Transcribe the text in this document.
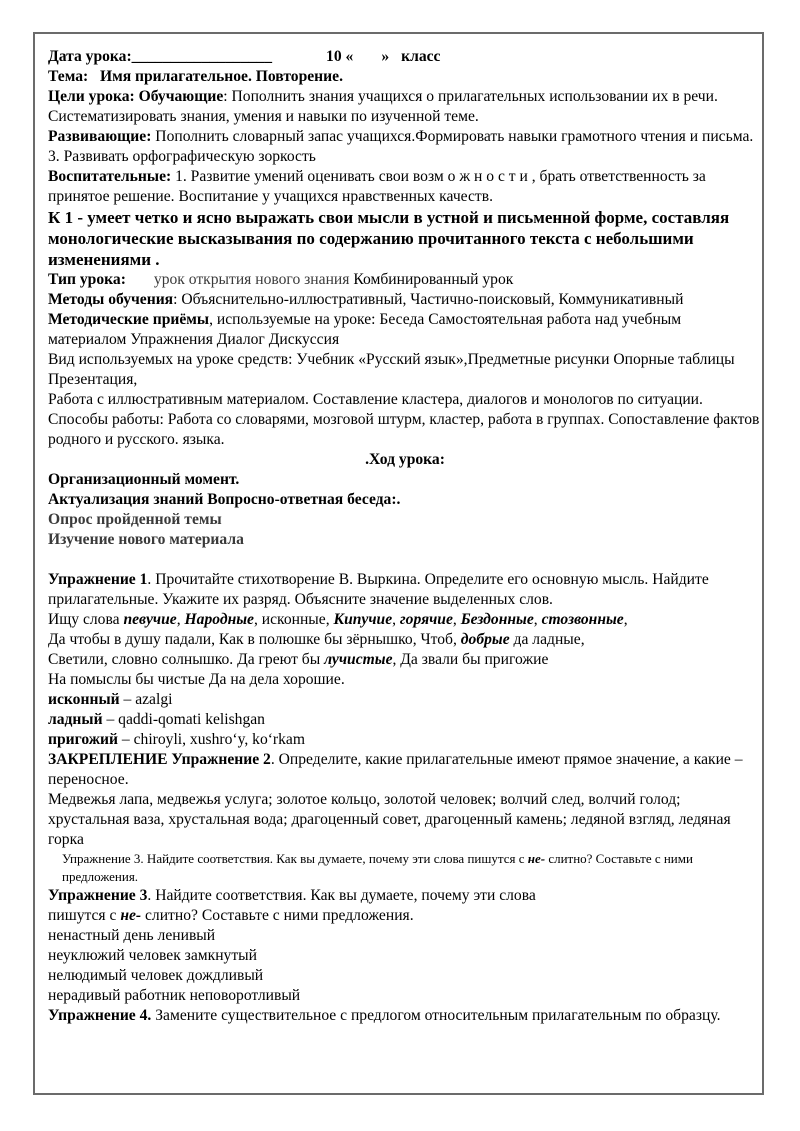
Дата урока:__________________	10 « » класс

Тема: Имя прилагательное. Повторение.

Цели урока: Обучающие: Пополнить знания учащихся о прилагательных использовании их в речи. Систематизировать знания, умения и навыки по изученной теме.

Развивающие: Пополнить словарный запас учащихся.Формировать навыки грамотного чтения и письма. 3. Развивать орфографическую зоркость

Воспитательные: 1. Развитие умений оценивать свои возм о ж н о с т и , брать ответственность за принятое решение. Воспитание у учащихся нравственных качеств.

К 1 - умеет четко и ясно выражать свои мысли в устной и письменной форме, составляя монологические высказывания по содержанию прочитанного текста с небольшими изменениями .

Тип урока: урок открытия нового знания Комбинированный урок

Методы обучения: Объяснительно-иллюстративный, Частично-поисковый, Коммуникативный

Методические приёмы, используемые на уроке: Беседа Самостоятельная работа над учебным материалом Упражнения Диалог Дискуссия

Вид используемых на уроке средств: Учебник «Русский язык»,Предметные рисунки Опорные таблицы Презентация,

Работа с иллюстративным материалом. Составление кластера, диалогов и монологов по ситуации.

Способы работы: Работа со словарями, мозговой штурм, кластер, работа в группах. Сопоставление фактов родного и русского. языка.

.Ход урока:

Организационный момент.

Актуализация знаний Вопросно-ответная беседа:.

Опрос пройденной темы

Изучение нового материала

Упражнение 1. Прочитайте стихотворение В. Выркина. Определите его основную мысль. Найдите прилагательные. Укажите их разряд. Объясните значение выделенных слов.

Ищу слова певучие, Народные, исконные, Кипучие, горячие, Бездонные, стозвонные,

Да чтобы в душу падали, Как в полюшке бы зёрнышко, Чтоб, добрые да ладные,

Светили, словно солнышко. Да греют бы лучистые, Да звали бы пригожие

На помыслы бы чистые Да на дела хорошие.

исконный – azalgi

ладный – qaddi-qomati kelishgan

пригожий – chiroyli, xushro‘y, ko‘rkam

ЗАКРЕПЛЕНИЕ Упражнение 2. Определите, какие прилагательные имеют прямое значение, а какие – переносное.

Медвежья лапа, медвежья услуга; золотое кольцо, золотой человек; волчий след, волчий голод; хрустальная ваза, хрустальная вода; драгоценный совет, драгоценный камень; ледяной взгляд, ледяная горка

Упражнение 3. Найдите соответствия. Как вы думаете, почему эти слова пишутся с не- слитно? Составьте с ними предложения.

Упражнение 3. Найдите соответствия. Как вы думаете, почему эти слова

пишутся с не- слитно? Составьте с ними предложения.

ненастный день ленивый

неуклюжий человек замкнутый

нелюдимый человек дождливый

нерадивый работник неповоротливый

Упражнение 4. Замените существительное с предлогом относительным прилагательным по образцу.
